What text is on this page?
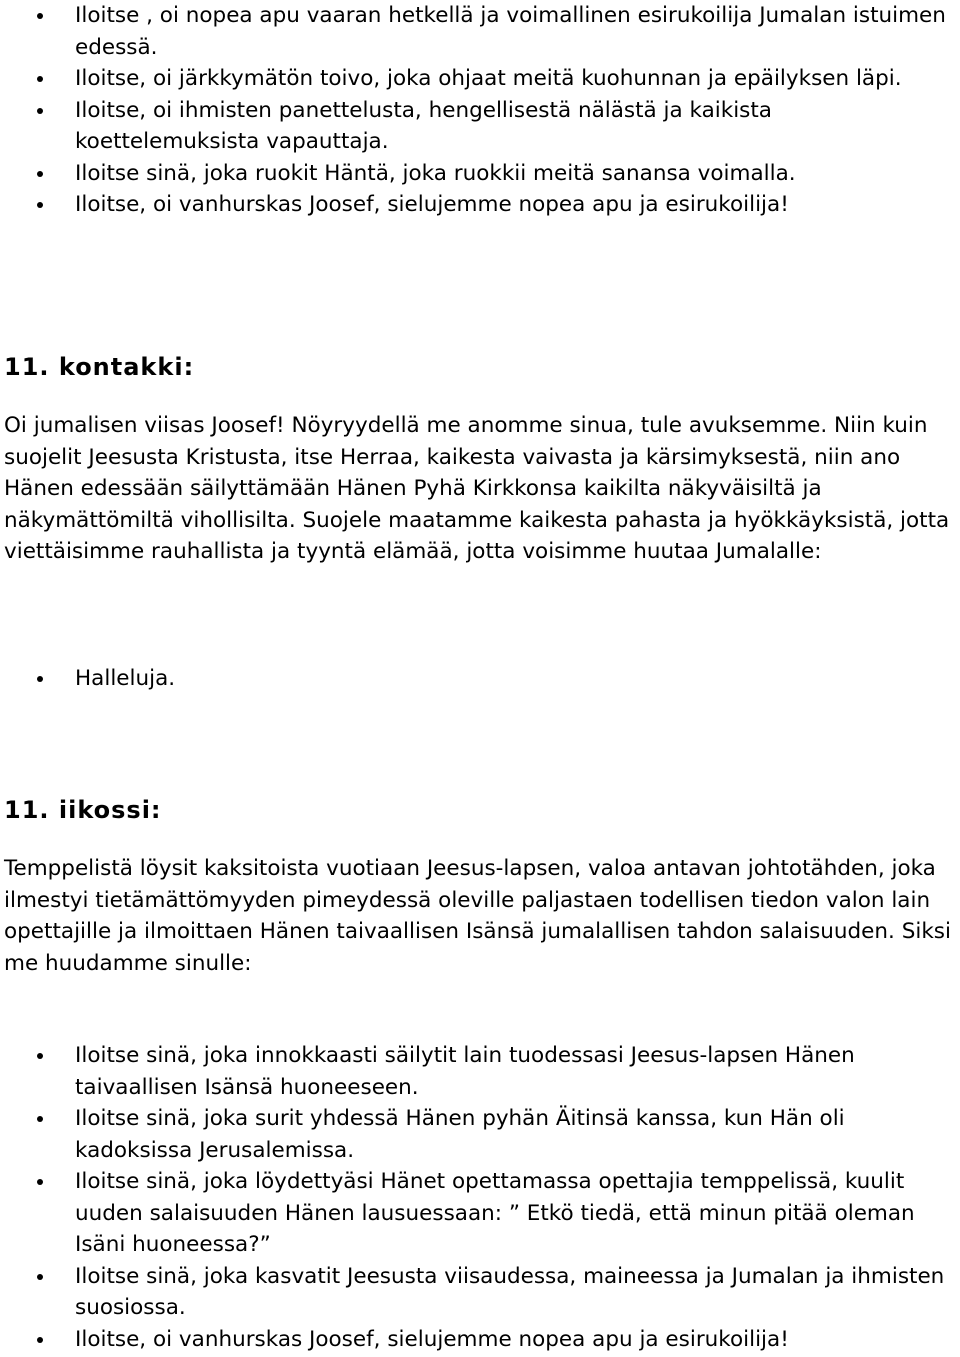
Iloitse , oi nopea apu vaaran hetkellä ja voimallinen esirukoilija Jumalan istuimen edessä.
Iloitse, oi järkkymätön toivo, joka ohjaat meitä kuohunnan ja epäilyksen läpi.
Iloitse, oi ihmisten panettelusta, hengellisestä nälästä ja kaikista koettelemuksista vapauttaja.
Iloitse sinä, joka ruokit Häntä, joka ruokkii meitä sanansa voimalla.
Iloitse, oi vanhurskas Joosef, sielujemme nopea apu ja esirukoilija!
11. kontakki:
Oi jumalisen viisas Joosef! Nöyryydellä me anomme sinua, tule avuksemme. Niin kuin suojelit Jeesusta Kristusta, itse Herraa, kaikesta vaivasta ja kärsimyksestä, niin ano Hänen edessään säilyttämään Hänen Pyhä Kirkkonsa kaikilta näkyväisiltä ja näkymättömiltä vihollisilta. Suojele maatamme kaikesta pahasta ja hyökkäyksistä, jotta viettäisimme rauhallista ja tyyntä elämää, jotta voisimme huutaa Jumalalle:
Halleluja.
11. iikossi:
Temppelistä löysit kaksitoista vuotiaan Jeesus-lapsen, valoa antavan johtotähden, joka ilmestyi tietämättömyyden pimeydessä oleville paljastaen todellisen tiedon valon lain opettajille ja ilmoittaen Hänen taivaallisen Isänsä jumalallisen tahdon salaisuuden. Siksi me huudamme sinulle:
Iloitse sinä, joka innokkaasti säilytit lain tuodessasi Jeesus-lapsen Hänen taivaallisen Isänsä huoneeseen.
Iloitse sinä, joka surit yhdessä Hänen pyhän Äitinsä kanssa, kun Hän oli kadoksissa Jerusalemissa.
Iloitse sinä, joka löydettyäsi Hänet opettamassa opettajia temppelissä, kuulit uuden salaisuuden Hänen lausuessaan: ” Etkö tiedä, että minun pitää oleman Isäni huoneessa?”
Iloitse sinä, joka kasvatit Jeesusta viisaudessa, maineessa ja Jumalan ja ihmisten suosiossa.
Iloitse, oi vanhurskas Joosef, sielujemme nopea apu ja esirukoilija!
